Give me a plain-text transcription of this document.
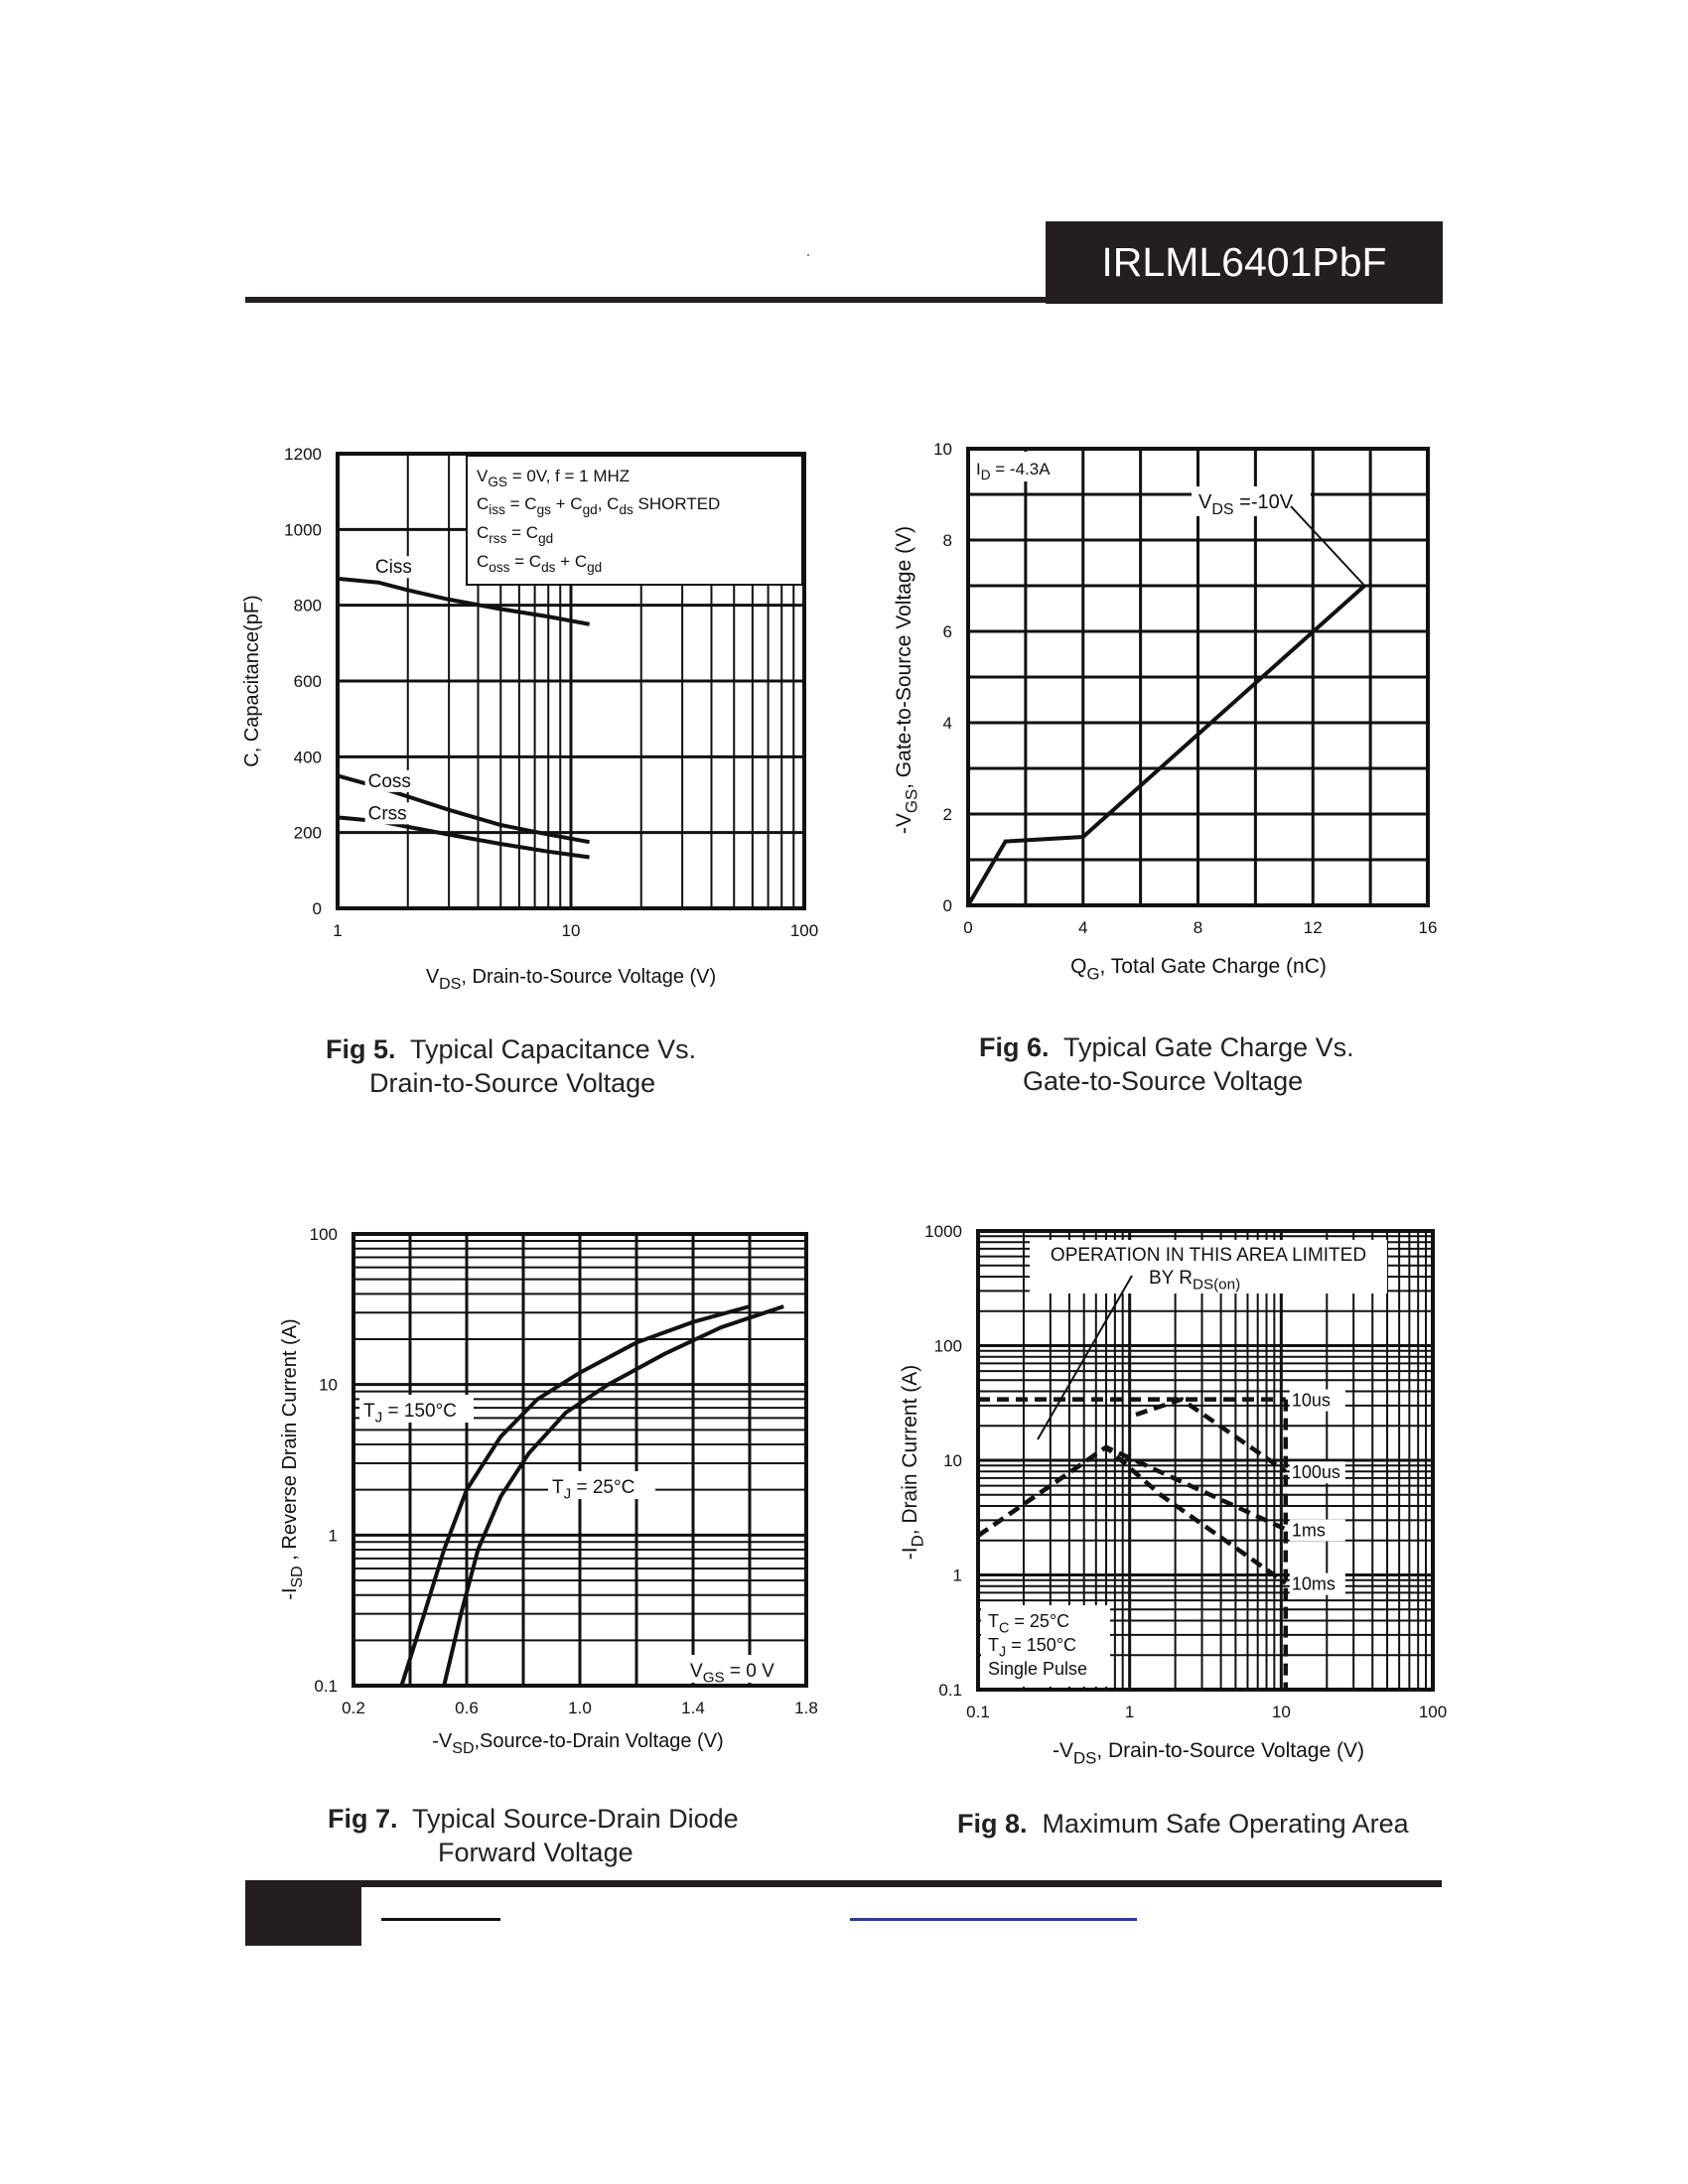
IRLML6401PbF
1	10	100
0
200
400
600
800
1000
1200
$V_{GS} = 0V$, f = 1 MHZ
$C_{iss} = C_{gs} + C_{gd}$, $C_{ds}$ SHORTED
$C_{rss} = C_{gd}$
$C_{oss} = C_{ds} + C_{gd}$
Ciss
Coss
Crss
$V_{DS}$, Drain-to-Source Voltage (V)
C, Capacitance(pF)
Fig 5. Typical Capacitance Vs.
Drain-to-Source Voltage
0	4	8	12	16
0
2
4
6
8
10
$I_D = -4.3A$
$V_{DS} =-10V$
$Q_G$, Total Gate Charge (nC)
$-V_{GS}$, Gate-to-Source Voltage (V)
Fig 6. Typical Gate Charge Vs.
Gate-to-Source Voltage
0.2	0.6	1.0	1.4	1.8
0.1
1
10
100
$T_J = 150^\circ C$
$T_J = 25^\circ C$
$V_{GS} = 0$ V
$-V_{SD},Source-to$-Drain Voltage (V)
$-I_{SD}$ , Reverse Drain Current (A)
Fig 7. Typical Source-Drain Diode
Forward Voltage
0.1	1	10	100
0.1
1
10
100
1000
OPERATION IN THIS AREA LIMITED
BY $R_{DS(on)}$
10us
100us
1ms
10ms
$T_C = 25^\circ C$
$T_J = 150^\circ C$
Single Pulse
$-V_{DS}$, Drain-to-Source Voltage (V)
$-I_D$, Drain Current (A)
Fig 8. Maximum Safe Operating Area
